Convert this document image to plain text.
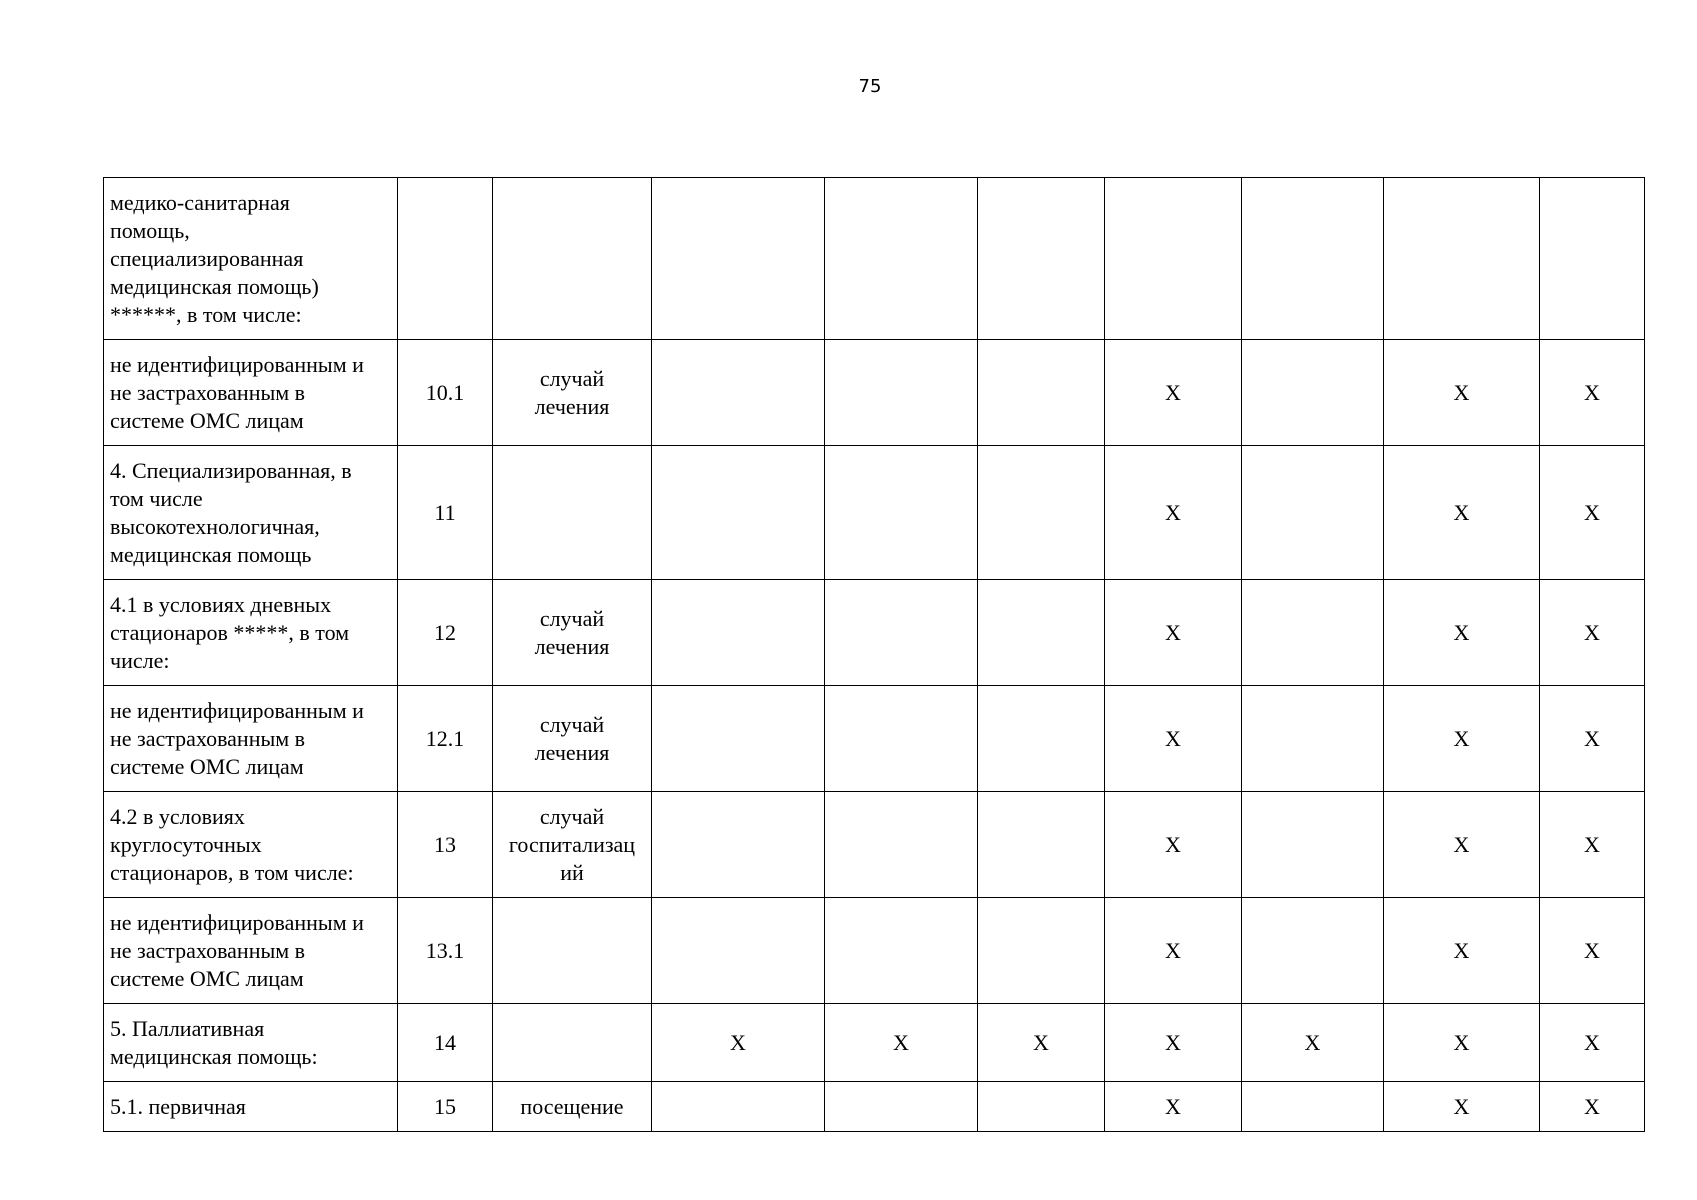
75
медико-санитарная
помощь,
специализированная
медицинская помощь)
******, в том числе:									
не идентифицированным и
не застрахованным в
системе ОМС лицам	10.1	случай
лечения				Х		Х	Х
4. Специализированная, в
том числе
высокотехнологичная,
медицинская помощь	11					Х		Х	Х
4.1 в условиях дневных
стационаров *****, в том
числе:	12	случай
лечения				Х		Х	Х
не идентифицированным и
не застрахованным в
системе ОМС лицам	12.1	случай
лечения				Х		Х	Х
4.2 в условиях
круглосуточных
стационаров, в том числе:	13	случай
госпитализац
ий				Х		Х	Х
не идентифицированным и
не застрахованным в
системе ОМС лицам	13.1					Х		Х	Х
5. Паллиативная
медицинская помощь:	14		Х	Х	Х	Х	Х	Х	Х
5.1. первичная	15	посещение				Х		Х	Х
